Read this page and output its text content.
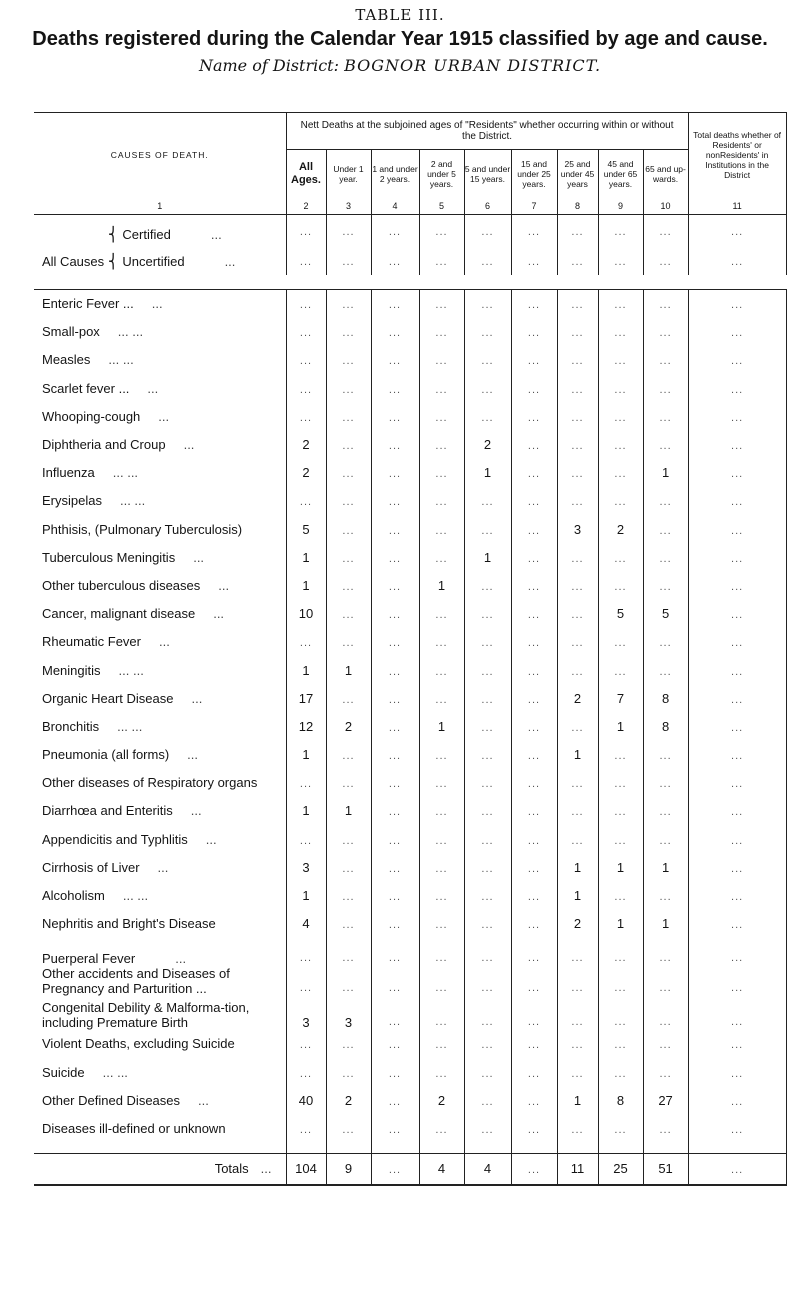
TABLE III.
Deaths registered during the Calendar Year 1915 classified by age and cause.
Name of District: BOGNOR URBAN DISTRICT.
CAUSES OF DEATH.	Nett Deaths at the subjoined ages of "Residents" whether occurring within or without the District.									Total deaths whether of Residents' or nonResidents' in Institutions in the District
	All Ages.	Under 1 year.	1 and under 2 years.	2 and under 5 years.	5 and under 15 years.	15 and under 25 years.	25 and under 45 years	45 and under 65 years.	65 and up-wards.	
1	2	3	4	5	6	7	8	9	10	11
⎨ Certified ...	...	...	...	...	...	...	...	...	...	...
All Causes ⎨ Uncertified ...	...	...	...	...	...	...	...	...	...	...

Enteric Fever ... ...	...	...	...	...	...	...	...	...	...	...
Small-pox ... ...	...	...	...	...	...	...	...	...	...	...
Measles ... ...	...	...	...	...	...	...	...	...	...	...
Scarlet fever ... ...	...	...	...	...	...	...	...	...	...	...
Whooping-cough ...	...	...	...	...	...	...	...	...	...	...
Diphtheria and Croup ...	2	...	...	...	2	...	...	...	...	...
Influenza ... ...	2	...	...	...	1	...	...	...	1	...
Erysipelas ... ...	...	...	...	...	...	...	...	...	...	...
Phthisis, (Pulmonary Tuberculosis)	5	...	...	...	...	...	3	2	...	...
Tuberculous Meningitis ...	1	...	...	...	1	...	...	...	...	...
Other tuberculous diseases ...	1	...	...	1	...	...	...	...	...	...
Cancer, malignant disease ...	10	...	...	...	...	...	...	5	5	...
Rheumatic Fever ...	...	...	...	...	...	...	...	...	...	...
Meningitis ... ...	1	1	...	...	...	...	...	...	...	...
Organic Heart Disease ...	17	...	...	...	...	...	2	7	8	...
Bronchitis ... ...	12	2	...	1	...	...	...	1	8	...
Pneumonia (all forms) ...	1	...	...	...	...	...	1	...	...	...
Other diseases of Respiratory organs	...	...	...	...	...	...	...	...	...	...
Diarrhœa and Enteritis ...	1	1	...	...	...	...	...	...	...	...
Appendicitis and Typhlitis ...	...	...	...	...	...	...	...	...	...	...
Cirrhosis of Liver ...	3	...	...	...	...	...	1	1	1	...
Alcoholism ... ...	1	...	...	...	...	...	1	...	...	...
Nephritis and Bright's Disease	4	...	...	...	...	...	2	1	1	...
Puerperal Fever ...	...	...	...	...	...	...	...	...	...	...
Other accidents and Diseases of Pregnancy and Parturition ...	...	...	...	...	...	...	...	...	...	...
Congenital Debility & Malforma-tion, including Premature Birth	3	3	...	...	...	...	...	...	...	...
Violent Deaths, excluding Suicide	...	...	...	...	...	...	...	...	...	...
Suicide ... ...	...	...	...	...	...	...	...	...	...	...
Other Defined Diseases ...	40	2	...	2	...	...	1	8	27	...
Diseases ill-defined or unknown	...	...	...	...	...	...	...	...	...	...

Totals ...	104	9	...	4	4	...	11	25	51	...
